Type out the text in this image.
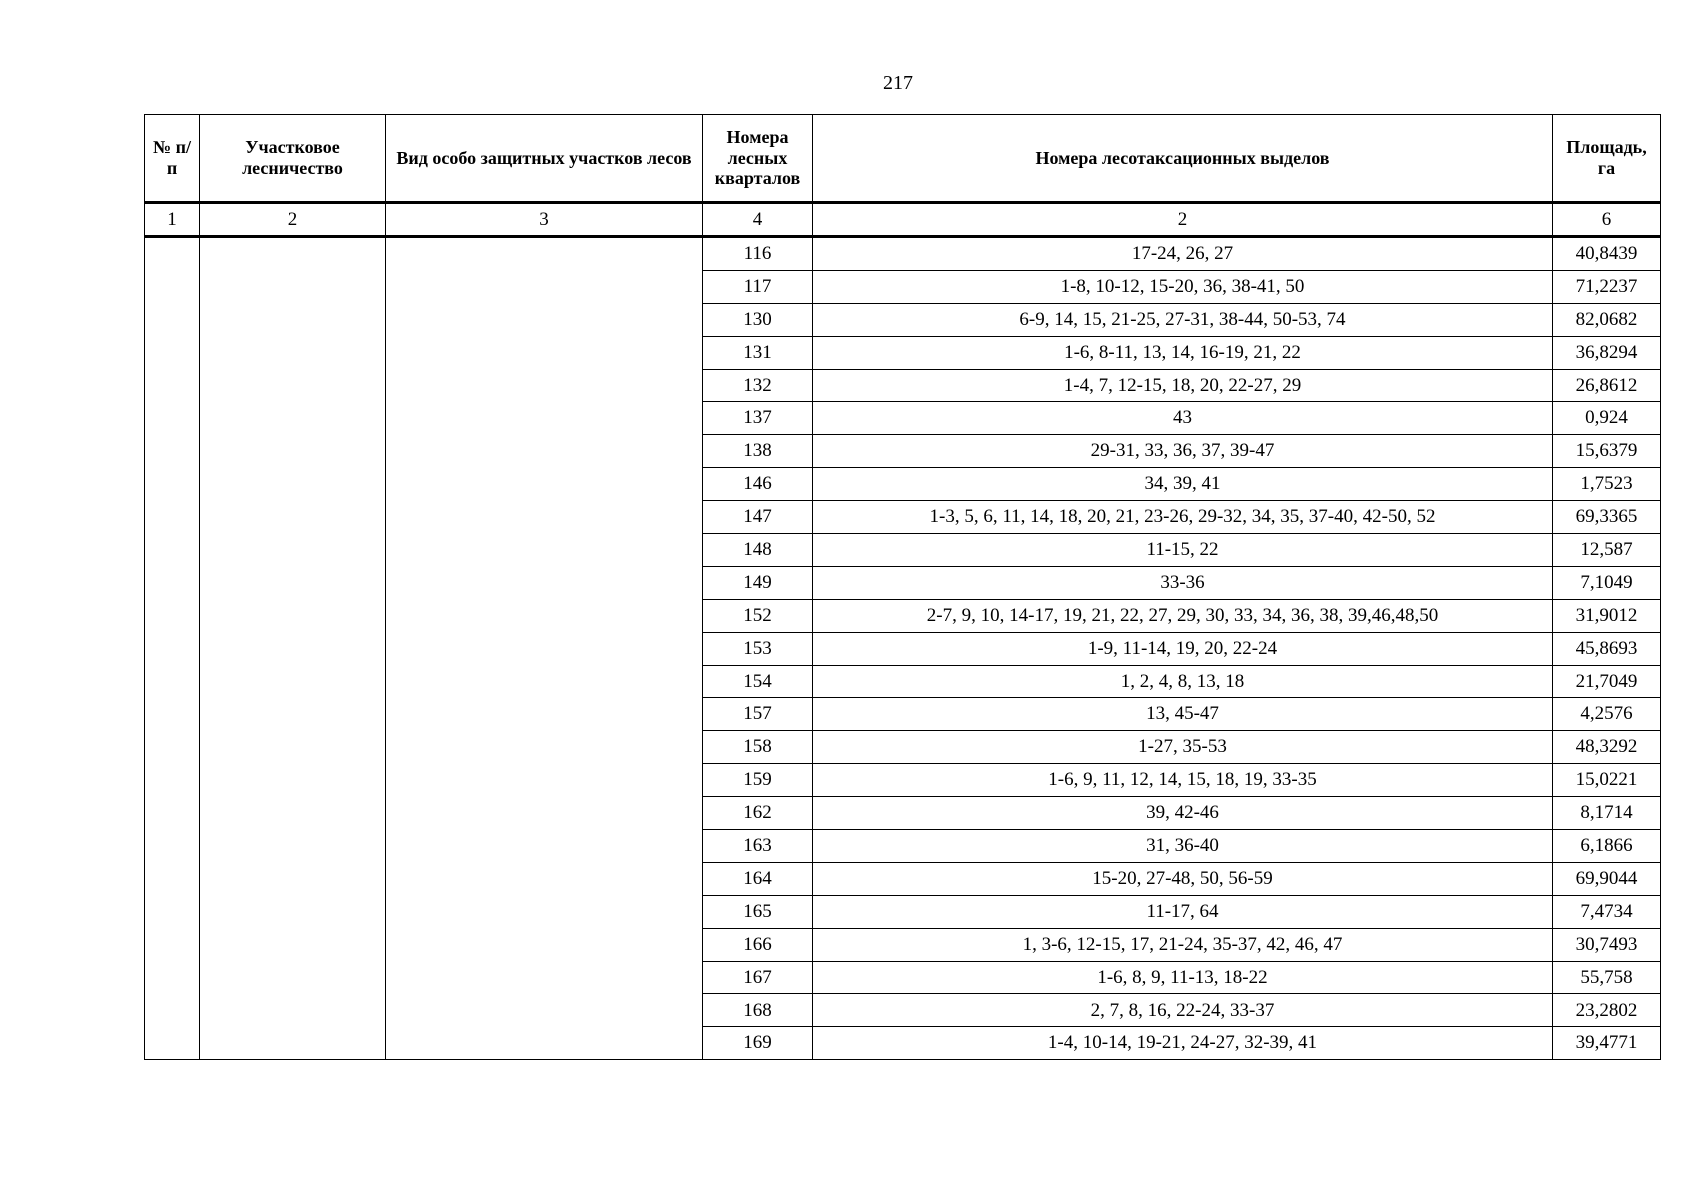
217
№ п/п	Участковое лесничество	Вид особо защитных участков лесов	Номера лесных кварталов	Номера лесотаксационных выделов	Площадь, га
1	2	3	4	2	6
			116	17-24, 26, 27	40,8439
			117	1-8, 10-12, 15-20, 36, 38-41, 50	71,2237
			130	6-9, 14, 15, 21-25, 27-31, 38-44, 50-53, 74	82,0682
			131	1-6, 8-11, 13, 14, 16-19, 21, 22	36,8294
			132	1-4, 7, 12-15, 18, 20, 22-27, 29	26,8612
			137	43	0,924
			138	29-31, 33, 36, 37, 39-47	15,6379
			146	34, 39, 41	1,7523
			147	1-3, 5, 6, 11, 14, 18, 20, 21, 23-26, 29-32, 34, 35, 37-40, 42-50, 52	69,3365
			148	11-15, 22	12,587
			149	33-36	7,1049
			152	2-7, 9, 10, 14-17, 19, 21, 22, 27, 29, 30, 33, 34, 36, 38, 39,46,48,50	31,9012
			153	1-9, 11-14, 19, 20, 22-24	45,8693
			154	1, 2, 4, 8, 13, 18	21,7049
			157	13, 45-47	4,2576
			158	1-27, 35-53	48,3292
			159	1-6, 9, 11, 12, 14, 15, 18, 19, 33-35	15,0221
			162	39, 42-46	8,1714
			163	31, 36-40	6,1866
			164	15-20, 27-48, 50, 56-59	69,9044
			165	11-17, 64	7,4734
			166	1, 3-6, 12-15, 17, 21-24, 35-37, 42, 46, 47	30,7493
			167	1-6, 8, 9, 11-13, 18-22	55,758
			168	2, 7, 8, 16, 22-24, 33-37	23,2802
			169	1-4, 10-14, 19-21, 24-27, 32-39, 41	39,4771
